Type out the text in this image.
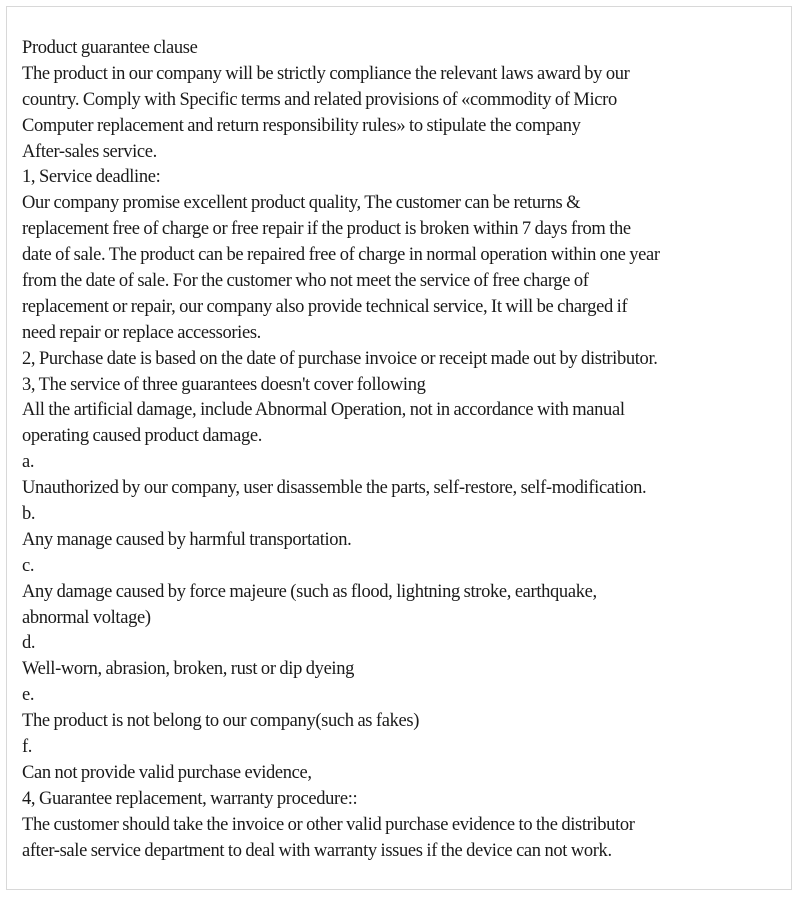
Product guarantee clause
The product in our company will be strictly compliance the relevant laws award by our
country. Comply with Specific terms and related provisions of «commodity of Micro
Computer replacement and return responsibility rules» to stipulate the company
After-sales service.
1, Service deadline:
Our company promise excellent product quality, The customer can be returns &
replacement free of charge or free repair if the product is broken within 7 days from the
date of sale. The product can be repaired free of charge in normal operation within one year
from the date of sale. For the customer who not meet the service of free charge of
replacement or repair, our company also provide technical service, It will be charged if
need repair or replace accessories.
2, Purchase date is based on the date of purchase invoice or receipt made out by distributor.
3, The service of three guarantees doesn't cover following
All the artificial damage, include Abnormal Operation, not in accordance with manual
operating caused product damage.
a.
Unauthorized by our company, user disassemble the parts, self-restore, self-modification.
b.
Any manage caused by harmful transportation.
c.
Any damage caused by force majeure (such as flood, lightning stroke, earthquake,
abnormal voltage)
d.
Well-worn, abrasion, broken, rust or dip dyeing
e.
The product is not belong to our company(such as fakes)
f.
Can not provide valid purchase evidence,
4, Guarantee replacement, warranty procedure::
The customer should take the invoice or other valid purchase evidence to the distributor
after-sale service department to deal with warranty issues if the device can not work.
